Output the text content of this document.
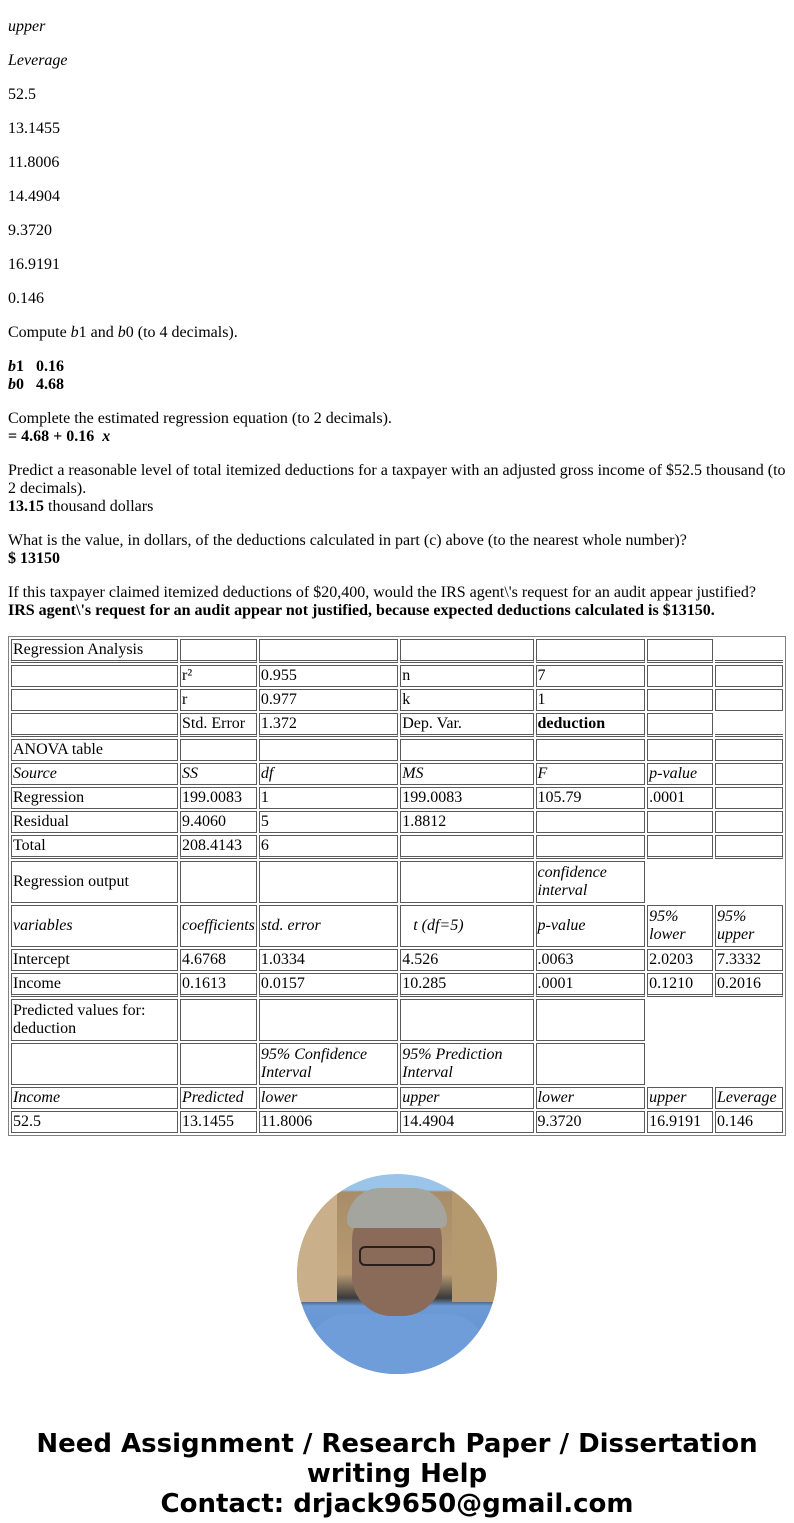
upper
Leverage
52.5
13.1455
11.8006
14.4904
9.3720
16.9191
0.146

Compute b1 and b0 (to 4 decimals).

b1 0.16
b0 4.68

Complete the estimated regression equation (to 2 decimals).
= 4.68 + 0.16 x

Predict a reasonable level of total itemized deductions for a taxpayer with an adjusted gross income of $52.5 thousand (to 2 decimals).
13.15 thousand dollars

What is the value, in dollars, of the deductions calculated in part (c) above (to the nearest whole number)?
$ 13150

If this taxpayer claimed itemized deductions of $20,400, would the IRS agent\'s request for an audit appear justified?
IRS agent\'s request for an audit appear not justified, because expected deductions calculated is $13150.

Regression Analysis						
	r²	0.955	n	7		
	r	0.977	k	1		
	Std. Error	1.372	Dep. Var.	deduction		
ANOVA table						
Source	SS	df	MS	F	p-value	
Regression	199.0083	1	199.0083	105.79	.0001	
Residual	9.4060	5	1.8812			
Total	208.4143	6				
Regression output				confidence interval		
variables	coefficients	std. error	t (df=5)	p-value	95% lower	95% upper
Intercept	4.6768	1.0334	4.526	.0063	2.0203	7.3332
Income	0.1613	0.0157	10.285	.0001	0.1210	0.2016
Predicted values for: deduction						
		95% Confidence Interval	95% Prediction Interval			
Income	Predicted	lower	upper	lower	upper	Leverage
52.5	13.1455	11.8006	14.4904	9.3720	16.9191	0.146
Need Assignment / Research Paper / Dissertation writing Help
Contact: drjack9650@gmail.com
